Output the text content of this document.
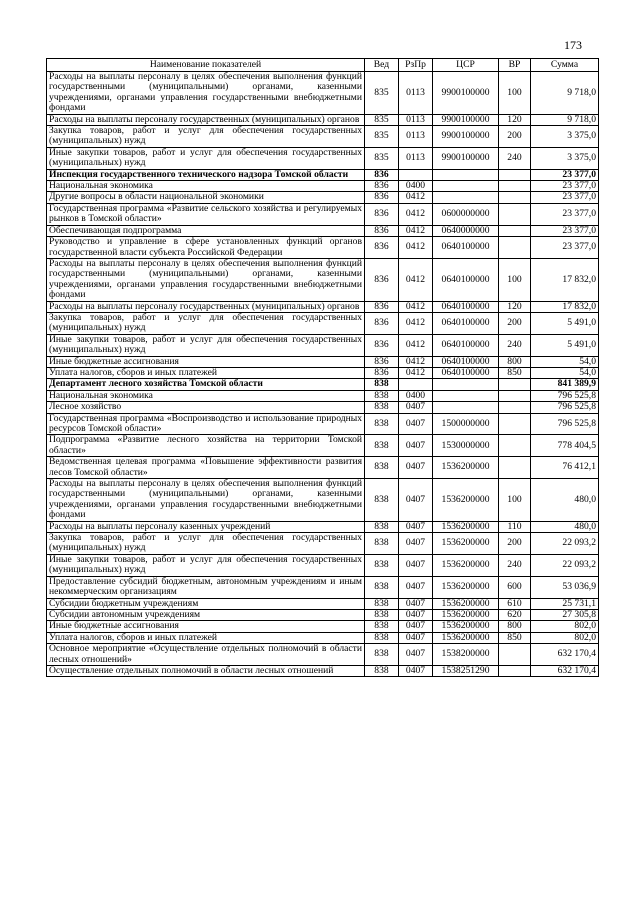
173
Наименование показателей	Вед	РзПр	ЦСР	ВР	Сумма
Расходы на выплаты персоналу в целях обеспечения выполнения функций государственными (муниципальными) органами, казенными учреждениями, органами управления государственными внебюджетными фондами	835	0113	9900100000	100	9 718,0
Расходы на выплаты персоналу государственных (муниципальных) органов	835	0113	9900100000	120	9 718,0
Закупка товаров, работ и услуг для обеспечения государственных (муниципальных) нужд	835	0113	9900100000	200	3 375,0
Иные закупки товаров, работ и услуг для обеспечения государственных (муниципальных) нужд	835	0113	9900100000	240	3 375,0
Инспекция государственного технического надзора Томской области	836				23 377,0
Национальная экономика	836	0400			23 377,0
Другие вопросы в области национальной экономики	836	0412			23 377,0
Государственная программа «Развитие сельского хозяйства и регулируемых рынков в Томской области»	836	0412	0600000000		23 377,0
Обеспечивающая подпрограмма	836	0412	0640000000		23 377,0
Руководство и управление в сфере установленных функций органов государственной власти субъекта Российской Федерации	836	0412	0640100000		23 377,0
Расходы на выплаты персоналу в целях обеспечения выполнения функций государственными (муниципальными) органами, казенными учреждениями, органами управления государственными внебюджетными фондами	836	0412	0640100000	100	17 832,0
Расходы на выплаты персоналу государственных (муниципальных) органов	836	0412	0640100000	120	17 832,0
Закупка товаров, работ и услуг для обеспечения государственных (муниципальных) нужд	836	0412	0640100000	200	5 491,0
Иные закупки товаров, работ и услуг для обеспечения государственных (муниципальных) нужд	836	0412	0640100000	240	5 491,0
Иные бюджетные ассигнования	836	0412	0640100000	800	54,0
Уплата налогов, сборов и иных платежей	836	0412	0640100000	850	54,0
Департамент лесного хозяйства Томской области	838				841 389,9
Национальная экономика	838	0400			796 525,8
Лесное хозяйство	838	0407			796 525,8
Государственная программа «Воспроизводство и использование природных ресурсов Томской области»	838	0407	1500000000		796 525,8
Подпрограмма «Развитие лесного хозяйства на территории Томской области»	838	0407	1530000000		778 404,5
Ведомственная целевая программа «Повышение эффективности развития лесов Томской области»	838	0407	1536200000		76 412,1
Расходы на выплаты персоналу в целях обеспечения выполнения функций государственными (муниципальными) органами, казенными учреждениями, органами управления государственными внебюджетными фондами	838	0407	1536200000	100	480,0
Расходы на выплаты персоналу казенных учреждений	838	0407	1536200000	110	480,0
Закупка товаров, работ и услуг для обеспечения государственных (муниципальных) нужд	838	0407	1536200000	200	22 093,2
Иные закупки товаров, работ и услуг для обеспечения государственных (муниципальных) нужд	838	0407	1536200000	240	22 093,2
Предоставление субсидий бюджетным, автономным учреждениям и иным некоммерческим организациям	838	0407	1536200000	600	53 036,9
Субсидии бюджетным учреждениям	838	0407	1536200000	610	25 731,1
Субсидии автономным учреждениям	838	0407	1536200000	620	27 305,8
Иные бюджетные ассигнования	838	0407	1536200000	800	802,0
Уплата налогов, сборов и иных платежей	838	0407	1536200000	850	802,0
Основное мероприятие «Осуществление отдельных полномочий в области лесных отношений»	838	0407	1538200000		632 170,4
Осуществление отдельных полномочий в области лесных отношений	838	0407	1538251290		632 170,4
